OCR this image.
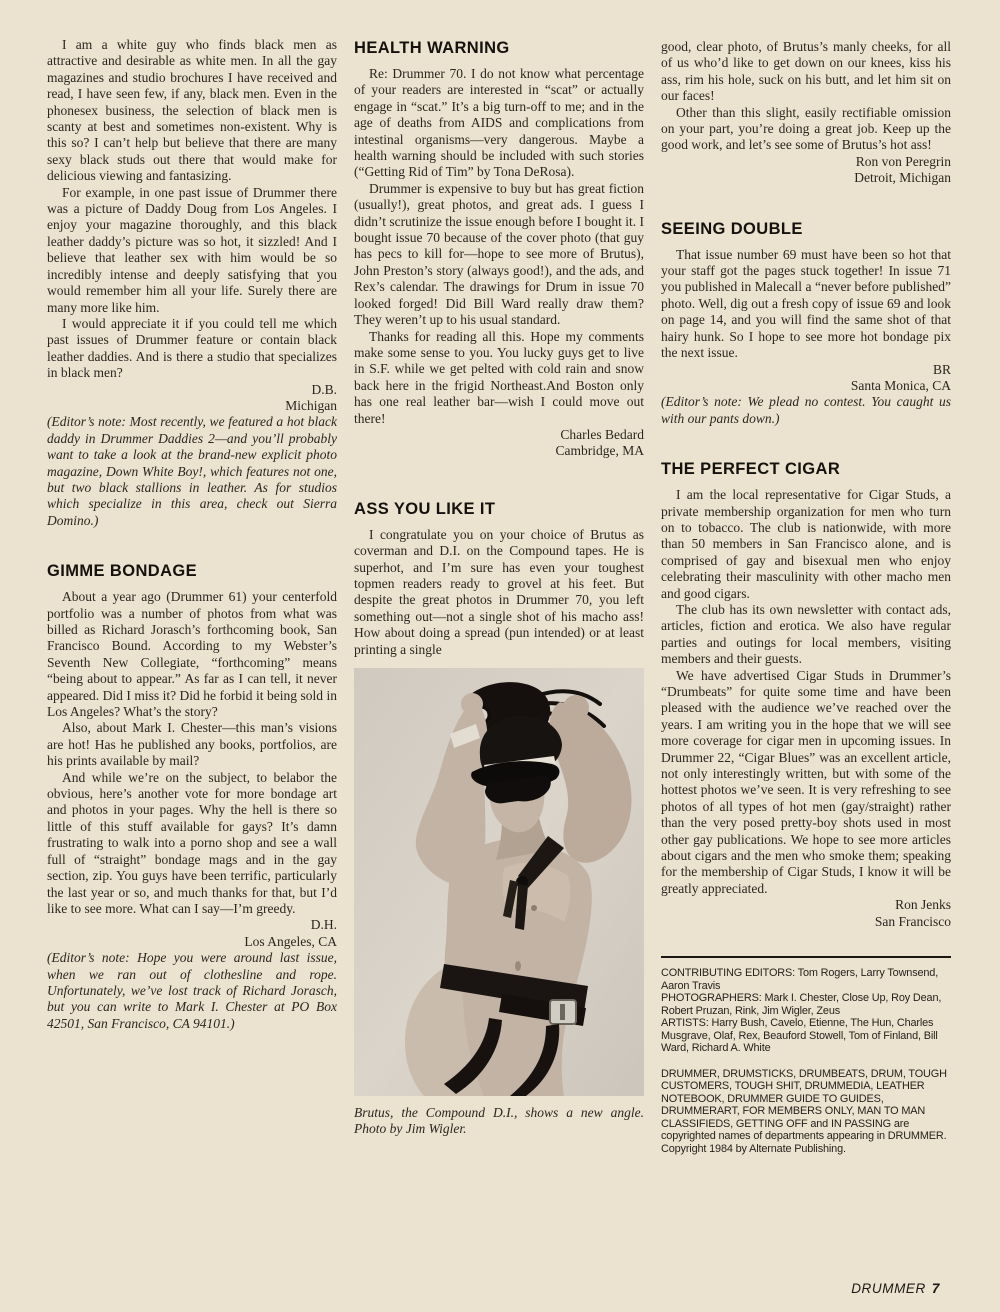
I am a white guy who finds black men as attractive and desirable as white men. In all the gay magazines and studio brochures I have received and read, I have seen few, if any, black men. Even in the phonesex business, the selection of black men is scanty at best and sometimes non-existent. Why is this so? I can’t help but believe that there are many sexy black studs out there that would make for delicious viewing and fantasizing.

For example, in one past issue of Drummer there was a picture of Daddy Doug from Los Angeles. I enjoy your magazine thoroughly, and this black leather daddy’s picture was so hot, it sizzled! And I believe that leather sex with him would be so incredibly intense and deeply satisfying that you would remember him all your life. Surely there are many more like him.

I would appreciate it if you could tell me which past issues of Drummer feature or contain black leather daddies. And is there a studio that specializes in black men?

D.B.
Michigan

(Editor’s note: Most recently, we featured a hot black daddy in Drummer Daddies 2—and you’ll probably want to take a look at the brand-new explicit photo magazine, Down White Boy!, which features not one, but two black stallions in leather. As for studios which specialize in this area, check out Sierra Domino.)

GIMME BONDAGE

About a year ago (Drummer 61) your centerfold portfolio was a number of photos from what was billed as Richard Jorasch’s forthcoming book, San Francisco Bound. According to my Webster’s Seventh New Collegiate, “forthcoming” means “being about to appear.” As far as I can tell, it never appeared. Did I miss it? Did he forbid it being sold in Los Angeles? What’s the story?

Also, about Mark I. Chester—this man’s visions are hot! Has he published any books, portfolios, are his prints available by mail?

And while we’re on the subject, to belabor the obvious, here’s another vote for more bondage art and photos in your pages. Why the hell is there so little of this stuff available for gays? It’s damn frustrating to walk into a porno shop and see a wall full of “straight” bondage mags and in the gay section, zip. You guys have been terrific, particularly the last year or so, and much thanks for that, but I’d like to see more. What can I say—I’m greedy.

D.H.
Los Angeles, CA

(Editor’s note: Hope you were around last issue, when we ran out of clothesline and rope. Unfortunately, we’ve lost track of Richard Jorasch, but you can write to Mark I. Chester at PO Box 42501, San Francisco, CA 94101.)

HEALTH WARNING

Re: Drummer 70. I do not know what percentage of your readers are interested in “scat” or actually engage in “scat.” It’s a big turn-off to me; and in the age of deaths from AIDS and complications from intestinal organisms—very dangerous. Maybe a health warning should be included with such stories (“Getting Rid of Tim” by Tona DeRosa).

Drummer is expensive to buy but has great fiction (usually!), great photos, and great ads. I guess I didn’t scrutinize the issue enough before I bought it. I bought issue 70 because of the cover photo (that guy has pecs to kill for—hope to see more of Brutus), John Preston’s story (always good!), and the ads, and Rex’s calendar. The drawings for Drum in issue 70 looked forged! Did Bill Ward really draw them? They weren’t up to his usual standard.

Thanks for reading all this. Hope my comments make some sense to you. You lucky guys get to live in S.F. while we get pelted with cold rain and snow back here in the frigid Northeast.And Boston only has one real leather bar—wish I could move out there!

Charles Bedard
Cambridge, MA
ASS YOU LIKE IT

I congratulate you on your choice of Brutus as coverman and D.I. on the Compound tapes. He is superhot, and I’m sure has even your toughest topmen readers ready to grovel at his feet. But despite the great photos in Drummer 70, you left something out—not a single shot of his macho ass! How about doing a spread (pun intended) or at least printing a single

Brutus, the Compound D.I., shows a new angle. Photo by Jim Wigler.

good, clear photo, of Brutus’s manly cheeks, for all of us who’d like to get down on our knees, kiss his ass, rim his hole, suck on his butt, and let him sit on our faces!

Other than this slight, easily rectifiable omission on your part, you’re doing a great job. Keep up the good work, and let’s see some of Brutus’s hot ass!

Ron von Peregrin
Detroit, Michigan
SEEING DOUBLE

That issue number 69 must have been so hot that your staff got the pages stuck together! In issue 71 you published in Malecall a “never before published” photo. Well, dig out a fresh copy of issue 69 and look on page 14, and you will find the same shot of that hairy hunk. So I hope to see more hot bondage pix the next issue.

BR
Santa Monica, CA

(Editor’s note: We plead no contest. You caught us with our pants down.)

THE PERFECT CIGAR

I am the local representative for Cigar Studs, a private membership organization for men who turn on to tobacco. The club is nationwide, with more than 50 members in San Francisco alone, and is comprised of gay and bisexual men who enjoy celebrating their masculinity with other macho men and good cigars.

The club has its own newsletter with contact ads, articles, fiction and erotica. We also have regular parties and outings for local members, visiting members and their guests.

We have advertised Cigar Studs in Drummer’s “Drumbeats” for quite some time and have been pleased with the audience we’ve reached over the years. I am writing you in the hope that we will see more coverage for cigar men in upcoming issues. In Drummer 22, “Cigar Blues” was an excellent article, not only interestingly written, but with some of the hottest photos we’ve seen. It is very refreshing to see photos of all types of hot men (gay/straight) rather than the very posed pretty-boy shots used in most other gay publications. We hope to see more articles about cigars and the men who smoke them; speaking for the membership of Cigar Studs, I know it will be greatly appreciated.

Ron Jenks
San Francisco
CONTRIBUTING EDITORS: Tom Rogers, Larry Townsend, Aaron Travis
PHOTOGRAPHERS: Mark I. Chester, Close Up, Roy Dean, Robert Pruzan, Rink, Jim Wigler, Zeus
ARTISTS: Harry Bush, Cavelo, Etienne, The Hun, Charles Musgrave, Olaf, Rex, Beauford Stowell, Tom of Finland, Bill Ward, Richard A. White
DRUMMER, DRUMSTICKS, DRUMBEATS, DRUM, TOUGH CUSTOMERS, TOUGH SHIT, DRUMMEDIA, LEATHER NOTEBOOK, DRUMMER GUIDE TO GUIDES, DRUMMERART, FOR MEMBERS ONLY, MAN TO MAN CLASSIFIEDS, GETTING OFF and IN PASSING are copyrighted names of departments appearing in DRUMMER. Copyright 1984 by Alternate Publishing.
DRUMMER 7
